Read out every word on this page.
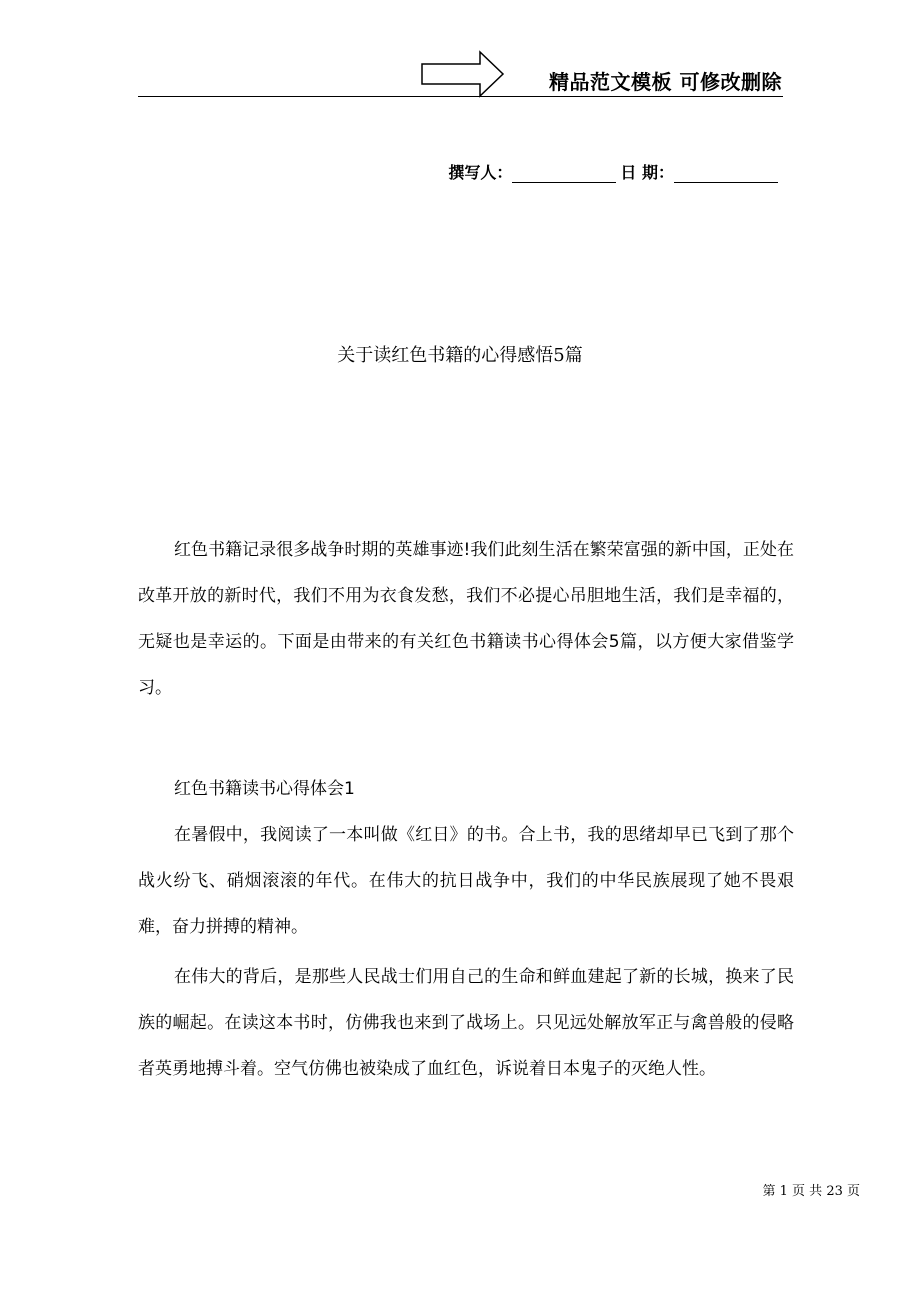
精品范文模板 可修改删除
撰写人：	日 期：
关于读红色书籍的心得感悟5篇

红色书籍记录很多战争时期的英雄事迹!我们此刻生活在繁荣富强的新中国，正处在改革开放的新时代，我们不用为衣食发愁，我们不必提心吊胆地生活，我们是幸福的，无疑也是幸运的。下面是由带来的有关红色书籍读书心得体会5篇，以方便大家借鉴学习。

红色书籍读书心得体会1

在暑假中，我阅读了一本叫做《红日》的书。合上书，我的思绪却早已飞到了那个战火纷飞、硝烟滚滚的年代。在伟大的抗日战争中，我们的中华民族展现了她不畏艰难，奋力拼搏的精神。

在伟大的背后，是那些人民战士们用自己的生命和鲜血建起了新的长城，换来了民族的崛起。在读这本书时，仿佛我也来到了战场上。只见远处解放军正与禽兽般的侵略者英勇地搏斗着。空气仿佛也被染成了血红色，诉说着日本鬼子的灭绝人性。

第 1 页 共 23 页
